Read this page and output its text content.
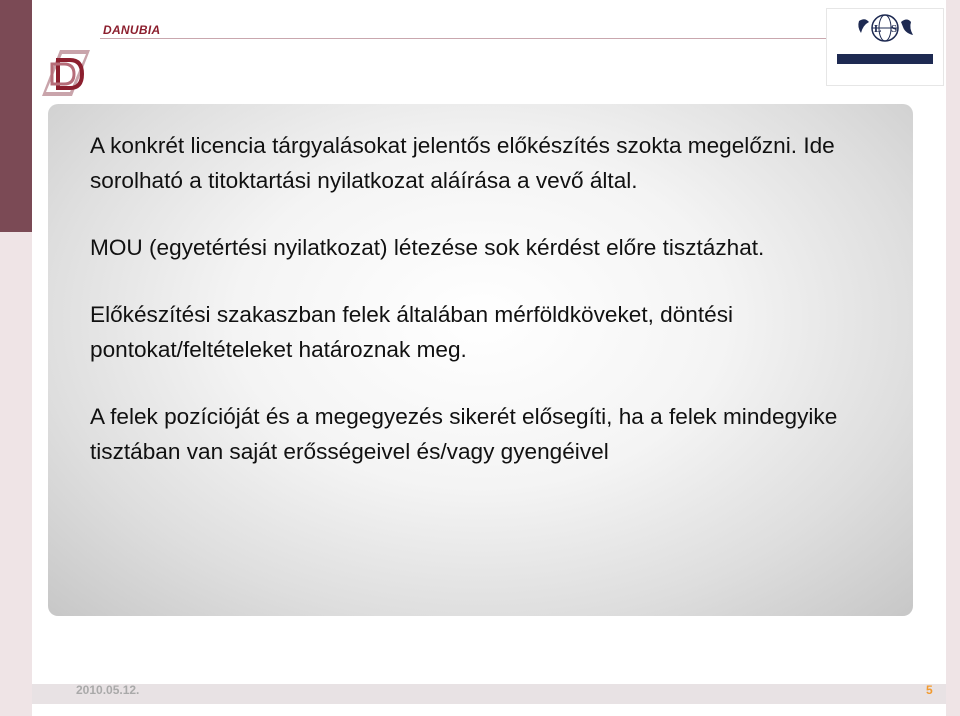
DANUBIA	L S

A konkrét licencia tárgyalásokat jelentős előkészítés szokta megelőzni. Ide sorolható a titoktartási nyilatkozat aláírása a vevő által.

MOU (egyetértési nyilatkozat) létezése sok kérdést előre tisztázhat.

Előkészítési szakaszban felek általában mérföldköveket, döntési pontokat/feltételeket határoznak meg.

A felek pozícióját és a megegyezés sikerét elősegíti, ha a felek mindegyike tisztában van saját erősségeivel és/vagy gyengéivel

2010.05.12.	5
